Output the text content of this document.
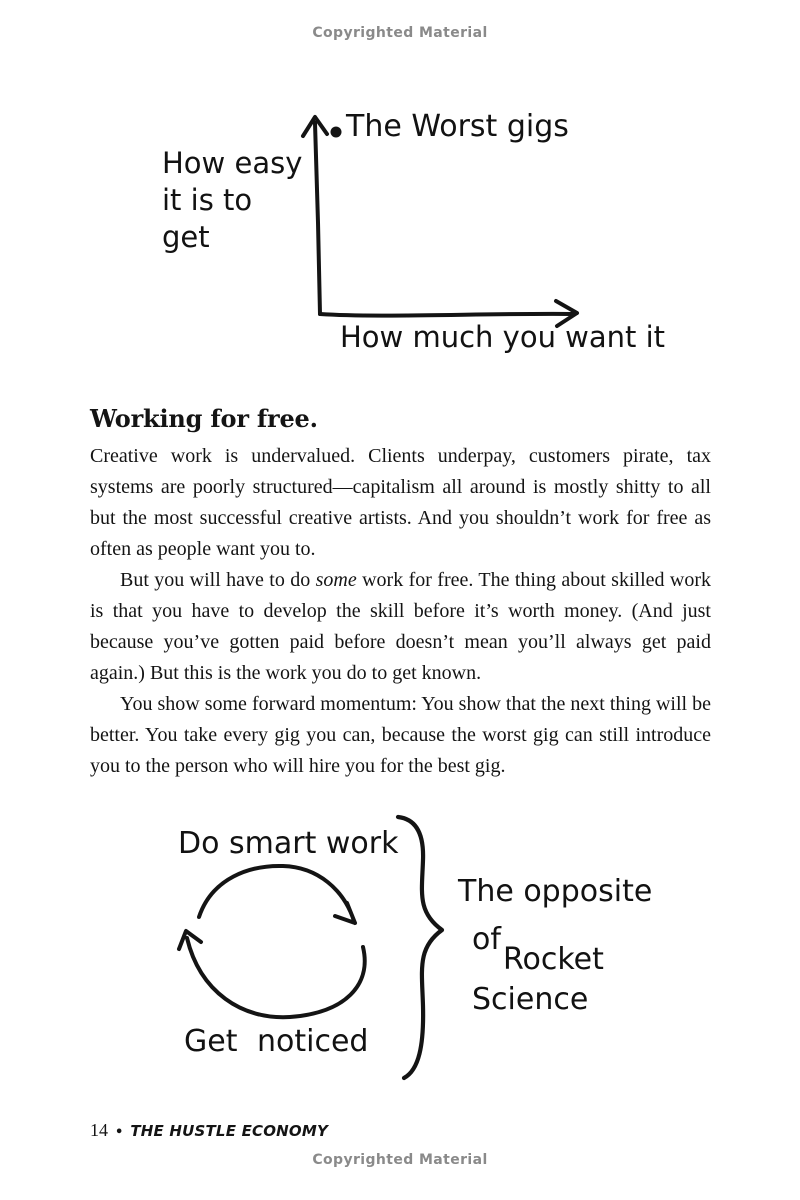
Copyrighted Material
How easy
it is to
get
The Worst gigs
How much you want it
Working for free.

Creative work is undervalued. Clients underpay, customers pirate, tax systems are poorly structured—capitalism all around is mostly shitty to all but the most successful creative artists. And you shouldn’t work for free as often as people want you to.

But you will have to do some work for free. The thing about skilled work is that you have to develop the skill before it’s worth money. (And just because you’ve gotten paid before doesn’t mean you’ll always get paid again.) But this is the work you do to get known.

You show some forward momentum: You show that the next thing will be better. You take every gig you can, because the worst gig can still introduce you to the person who will hire you for the best gig.

Do smart work
Get noticed
The opposite
of
Rocket
Science
14 • THE HUSTLE ECONOMY
Copyrighted Material
